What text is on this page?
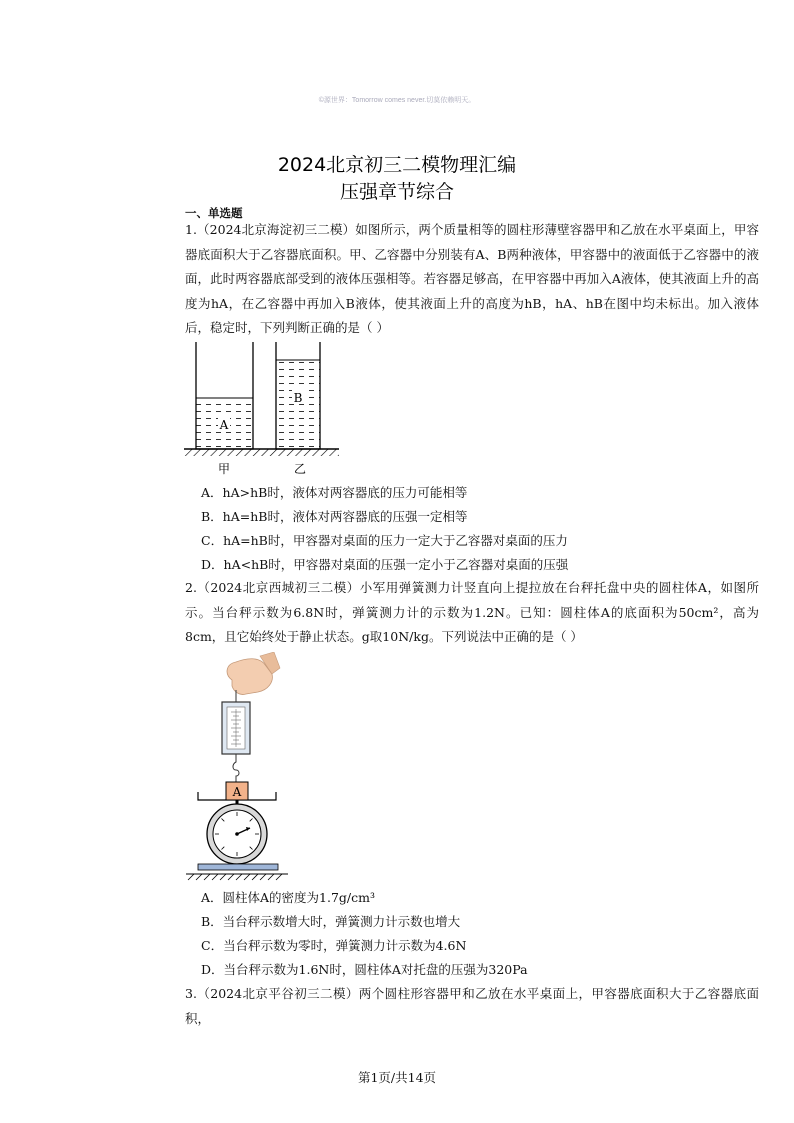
©源世界：Tomorrow comes never.切莫依赖明天。
2024北京初三二模物理汇编
压强章节综合
一、单选题
1.（2024北京海淀初三二模）如图所示，两个质量相等的圆柱形薄壁容器甲和乙放在水平桌面上，甲容器底面积大于乙容器底面积。甲、乙容器中分别装有A、B两种液体，甲容器中的液面低于乙容器中的液面，此时两容器底部受到的液体压强相等。若容器足够高，在甲容器中再加入A液体，使其液面上升的高度为hA，在乙容器中再加入B液体，使其液面上升的高度为hB，hA、hB在图中均未标出。加入液体后，稳定时，下列判断正确的是（ ）
A
B
甲	乙
A．hA>hB时，液体对两容器底的压力可能相等
B．hA=hB时，液体对两容器底的压强一定相等
C．hA=hB时，甲容器对桌面的压力一定大于乙容器对桌面的压力
D．hA<hB时，甲容器对桌面的压强一定小于乙容器对桌面的压强
2.（2024北京西城初三二模）小军用弹簧测力计竖直向上提拉放在台秤托盘中央的圆柱体A，如图所示。当台秤示数为6.8N时，弹簧测力计的示数为1.2N。已知：圆柱体A的底面积为50cm²，高为8cm，且它始终处于静止状态。g取10N/kg。下列说法中正确的是（ ）
A
A．圆柱体A的密度为1.7g/cm³
B．当台秤示数增大时，弹簧测力计示数也增大
C．当台秤示数为零时，弹簧测力计示数为4.6N
D．当台秤示数为1.6N时，圆柱体A对托盘的压强为320Pa
3.（2024北京平谷初三二模）两个圆柱形容器甲和乙放在水平桌面上，甲容器底面积大于乙容器底面积，
第1页/共14页
